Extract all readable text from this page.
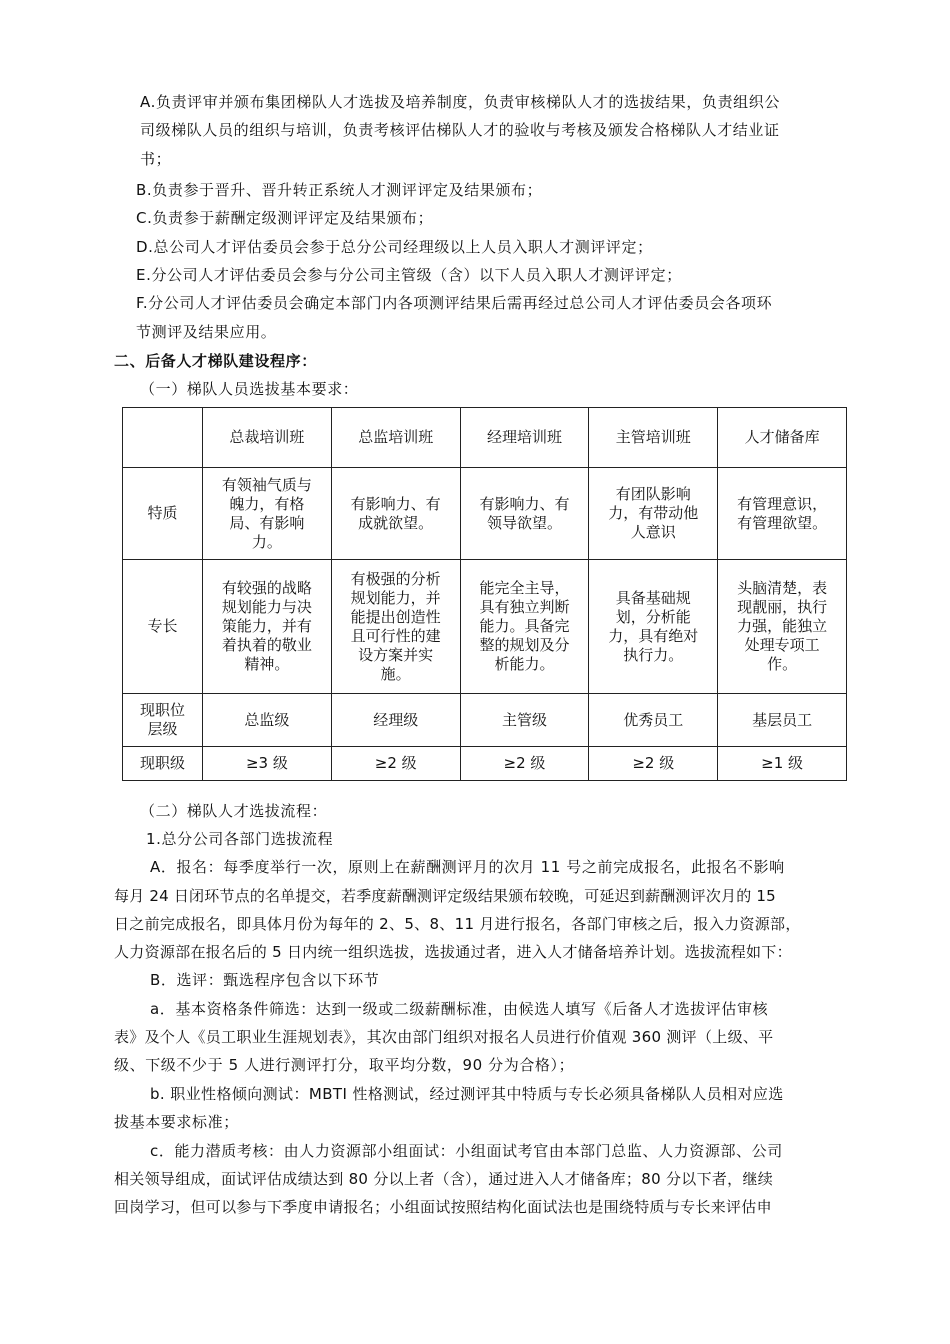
A.负责评审并颁布集团梯队人才选拔及培养制度，负责审核梯队人才的选拔结果，负责组织公
司级梯队人员的组织与培训，负责考核评估梯队人才的验收与考核及颁发合格梯队人才结业证
书；
B.负责参于晋升、晋升转正系统人才测评评定及结果颁布；
C.负责参于薪酬定级测评评定及结果颁布；
D.总公司人才评估委员会参于总分公司经理级以上人员入职人才测评评定；
E.分公司人才评估委员会参与分公司主管级（含）以下人员入职人才测评评定；
F.分公司人才评估委员会确定本部门内各项测评结果后需再经过总公司人才评估委员会各项环
节测评及结果应用。
二、后备人才梯队建设程序：
（一）梯队人员选拔基本要求：
	总裁培训班	总监培训班	经理培训班	主管培训班	人才储备库
特质	有领袖气质与魄力，有格局、有影响力。	有影响力、有成就欲望。	有影响力、有领导欲望。	有团队影响力，有带动他人意识	有管理意识，有管理欲望。
专长	有较强的战略规划能力与决策能力，并有着执着的敬业精神。	有极强的分析规划能力，并能提出创造性且可行性的建设方案并实施。	能完全主导，具有独立判断能力。具备完整的规划及分析能力。	具备基础规划，分析能力，具有绝对执行力。	头脑清楚，表现靓丽，执行力强，能独立处理专项工作。
现职位层级	总监级	经理级	主管级	优秀员工	基层员工
现职级	≥3 级	≥2 级	≥2 级	≥2 级	≥1 级
（二）梯队人才选拔流程：
1.总分公司各部门选拔流程
A．报名：每季度举行一次，原则上在薪酬测评月的次月 11 号之前完成报名，此报名不影响
每月 24 日闭环节点的名单提交，若季度薪酬测评定级结果颁布较晚，可延迟到薪酬测评次月的 15
日之前完成报名，即具体月份为每年的 2、5、8、11 月进行报名，各部门审核之后，报入力资源部，
人力资源部在报名后的 5 日内统一组织选拔，选拔通过者，进入人才储备培养计划。选拔流程如下：
B．选评：甄选程序包含以下环节
a．基本资格条件筛选：达到一级或二级薪酬标准，由候选人填写《后备人才选拔评估审核
表》及个人《员工职业生涯规划表》，其次由部门组织对报名人员进行价值观 360 测评（上级、平
级、下级不少于 5 人进行测评打分，取平均分数，90 分为合格）；
b. 职业性格倾向测试：MBTI 性格测试，经过测评其中特质与专长必须具备梯队人员相对应选
拔基本要求标准；
c．能力潜质考核：由人力资源部小组面试：小组面试考官由本部门总监、人力资源部、公司
相关领导组成，面试评估成绩达到 80 分以上者（含），通过进入人才储备库；80 分以下者，继续
回岗学习，但可以参与下季度申请报名；小组面试按照结构化面试法也是围绕特质与专长来评估申
